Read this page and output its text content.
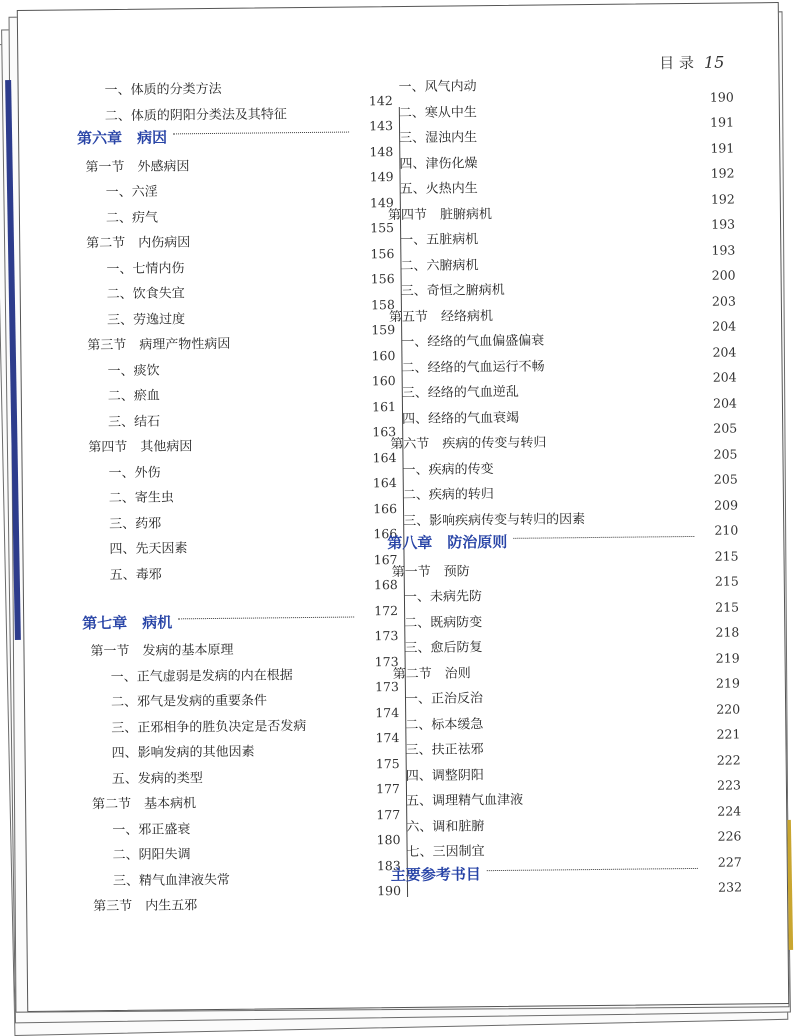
目 录 15
一、体质的分类方法
二、体质的阴阳分类法及其特征
142
第六章　病因
143
第一节　外感病因
148
一、六淫
149
二、疠气
149
第二节　内伤病因
155
一、七情内伤
156
二、饮食失宜
156
三、劳逸过度
158
第三节　病理产物性病因
159
一、痰饮
160
二、瘀血
160
三、结石
161
第四节　其他病因
163
一、外伤
164
二、寄生虫
164
三、药邪
166
四、先天因素
166
五、毒邪
167
168
第七章　病机
172
第一节　发病的基本原理
173
一、正气虚弱是发病的内在根据
173
二、邪气是发病的重要条件
173
三、正邪相争的胜负决定是否发病
174
四、影响发病的其他因素
174
五、发病的类型
175
第二节　基本病机
177
一、邪正盛衰
177
二、阴阳失调
180
三、精气血津液失常
183
第三节　内生五邪
190
一、风气内动
二、寒从中生
190
三、湿浊内生
191
四、津伤化燥
191
五、火热内生
192
第四节　脏腑病机
192
一、五脏病机
193
二、六腑病机
193
三、奇恒之腑病机
200
第五节　经络病机
203
一、经络的气血偏盛偏衰
204
二、经络的气血运行不畅
204
三、经络的气血逆乱
204
四、经络的气血衰竭
204
第六节　疾病的传变与转归
205
一、疾病的传变
205
二、疾病的转归
205
三、影响疾病传变与转归的因素
209
第八章　防治原则
210
第一节　预防
215
一、未病先防
215
二、既病防变
215
三、愈后防复
218
第二节　治则
219
一、正治反治
219
二、标本缓急
220
三、扶正祛邪
221
四、调整阴阳
222
五、调理精气血津液
223
六、调和脏腑
224
七、三因制宜
226
主要参考书目
227
232
